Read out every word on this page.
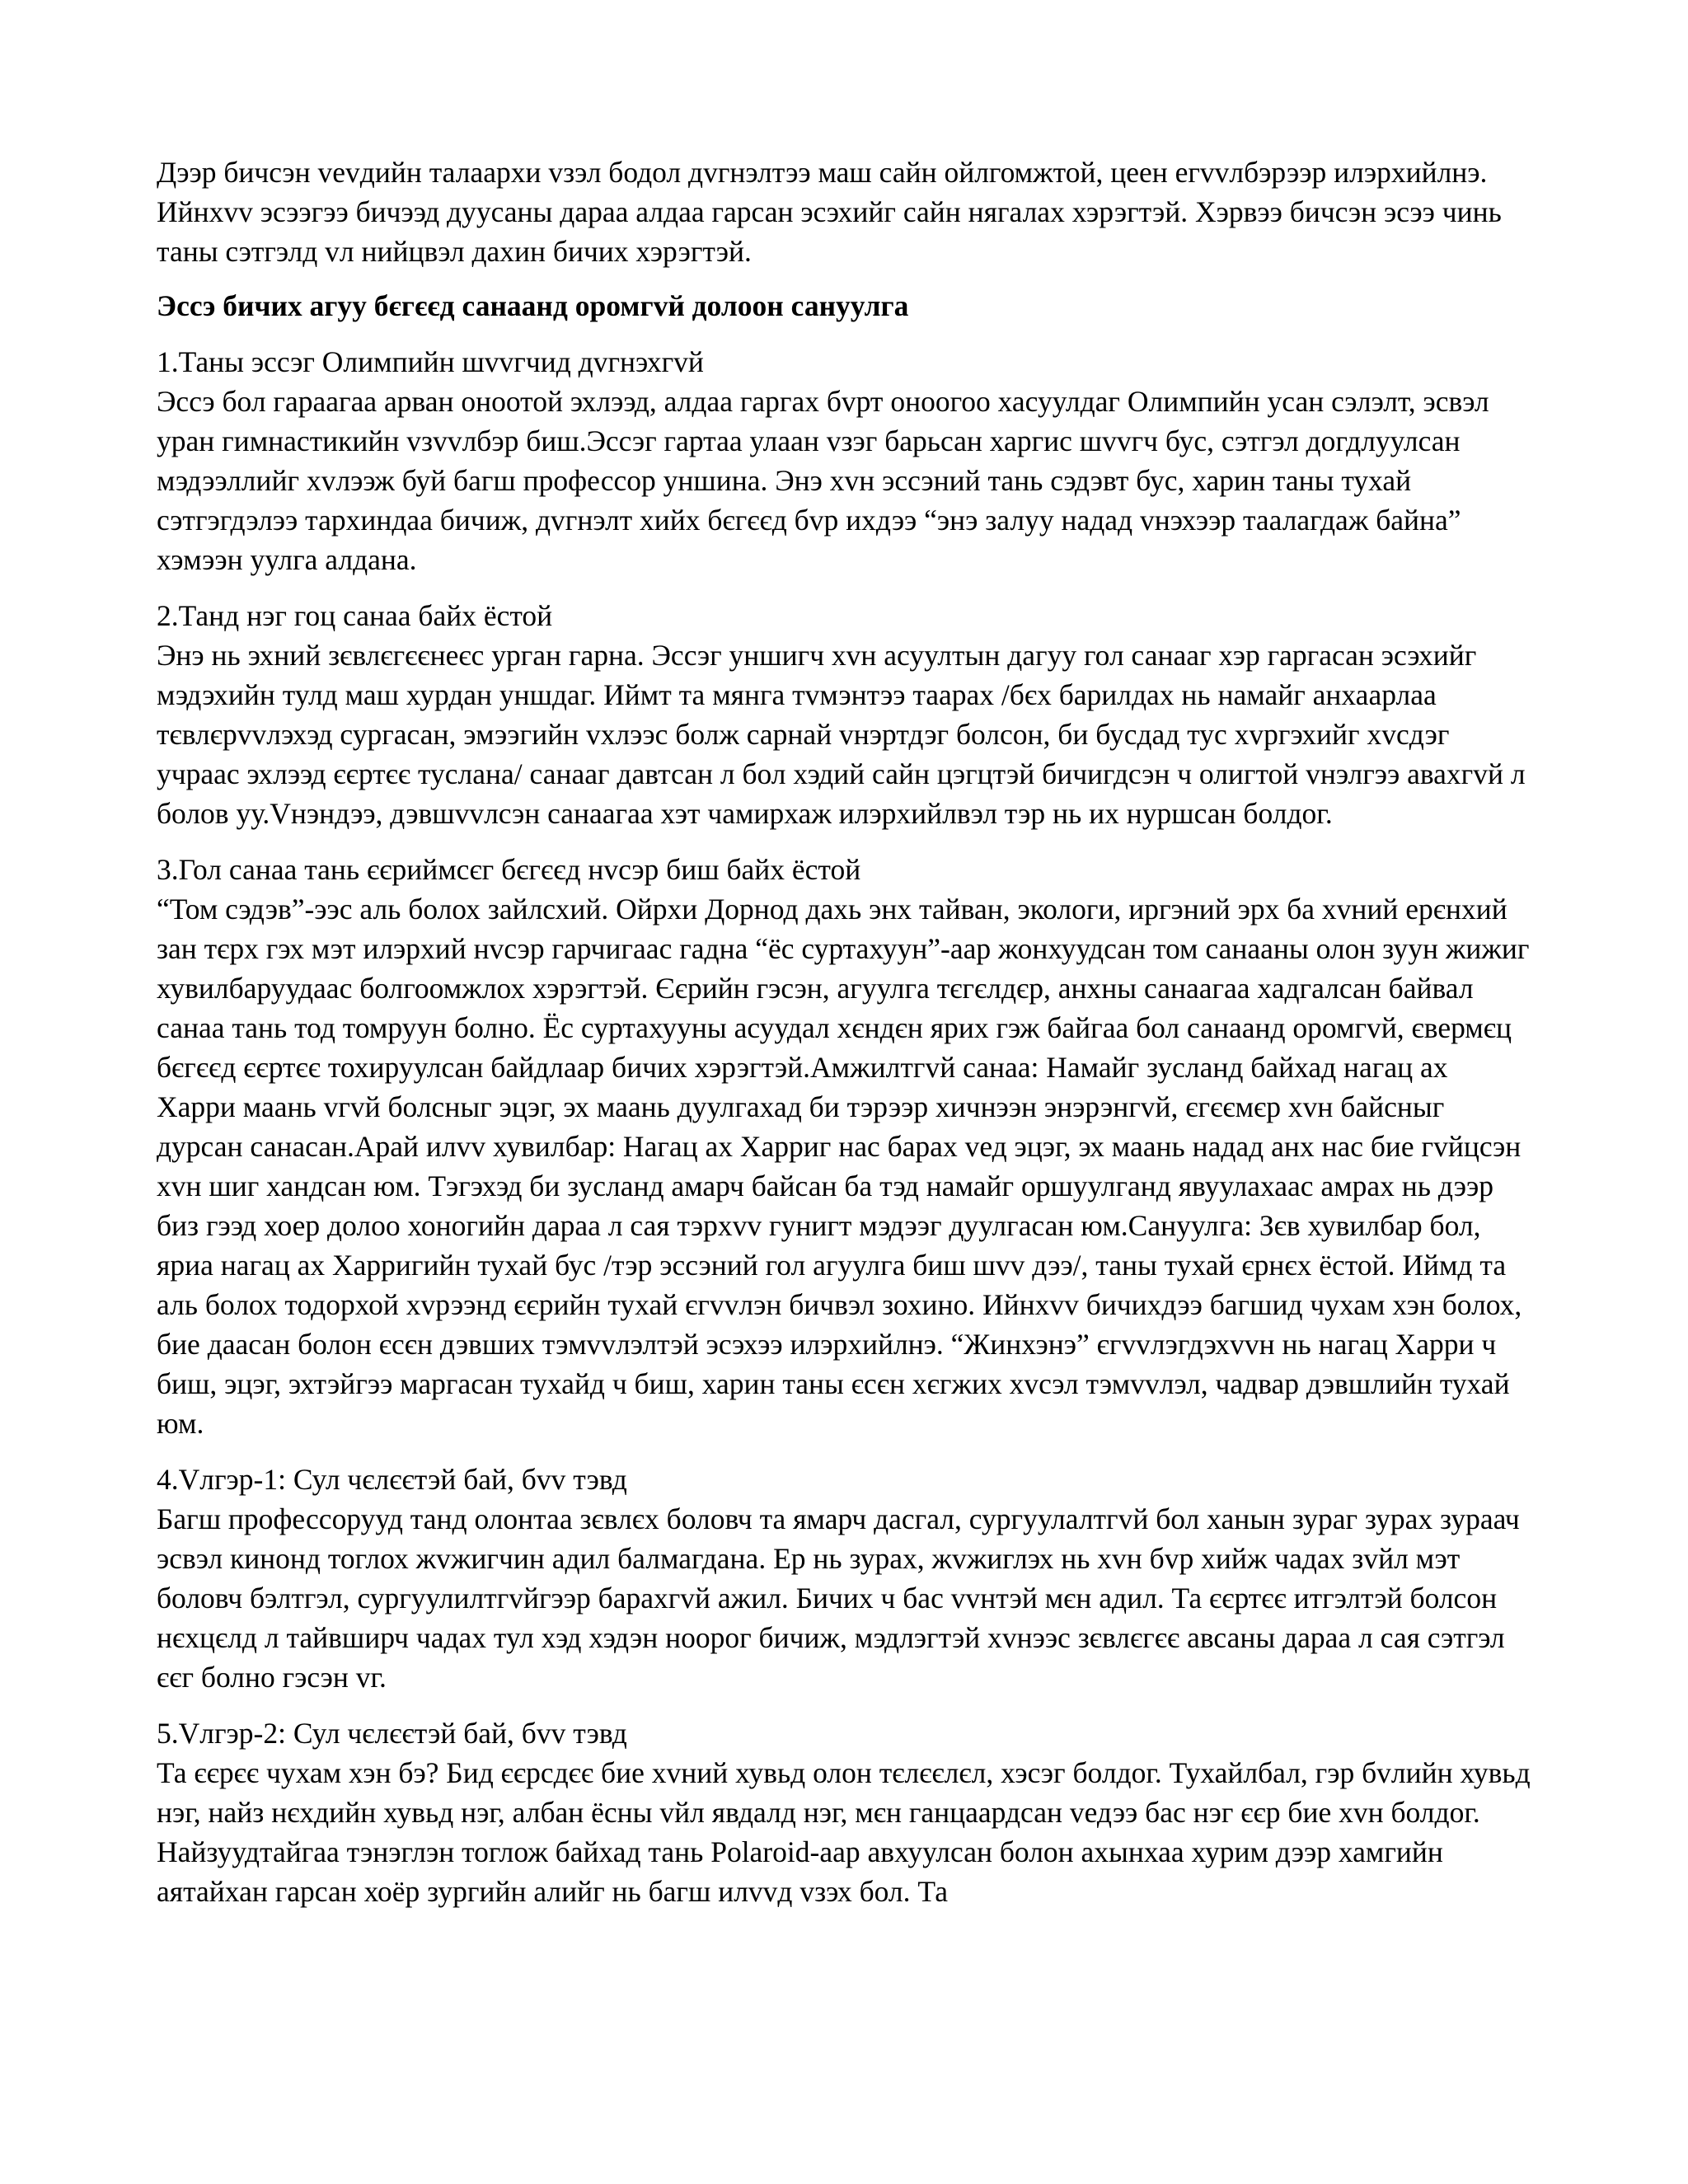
Дээр бичсэн vevдийн талаархи vзэл бодол дvгнэлтээ маш сайн ойлгомжтой, цеен егvvлбэрээр илэрхийлнэ. Ийнхvv эсээгээ бичээд дуусаны дараа алдаа гарсан эсэхийг сайн нягалах хэрэгтэй. Хэрвээ бичсэн эсээ чинь таны сэтгэлд vл нийцвэл дахин бичих хэрэгтэй.

Эссэ бичих агуу бєгєєд санаанд оромгvй долоон сануулга

1.Таны эссэг Олимпийн шvvгчид дvгнэхгvй
Эссэ бол гараагаа арван оноотой эхлээд, алдаа гаргах бvрт оноогоо хасуулдаг Олимпийн усан сэлэлт, эсвэл уран гимнастикийн vзvvлбэр биш.Эссэг гартаа улаан vзэг барьсан харгис шvvгч бус, сэтгэл догдлуулсан мэдээллийг хvлээж буй багш профессор уншина. Энэ хvн эссэний тань сэдэвт бус, харин таны тухай сэтгэгдэлээ тархиндаа бичиж, дvгнэлт хийх бєгєєд бvр ихдээ “энэ залуу надад vнэхээр таалагдаж байна” хэмээн уулга алдана.
2.Танд нэг гоц санаа байх ёстой
Энэ нь эхний зєвлєгєєнеєс урган гарна. Эссэг уншигч хvн асуултын дагуу гол санааг хэр гаргасан эсэхийг мэдэхийн тулд маш хурдан уншдаг. Иймт та мянга тvмэнтээ таарах /бєх барилдах нь намайг анхаарлаа тєвлєрvvлэхэд сургасан, эмээгийн vхлээс болж сарнай vнэртдэг болсон, би бусдад тус хvргэхийг хvсдэг учраас эхлээд єєртєє туслана/ санааг давтсан л бол хэдий сайн цэгцтэй бичигдсэн ч олигтой vнэлгээ авахгvй л болов уу.Vнэндээ, дэвшvvлсэн санаагаа хэт чамирхаж илэрхийлвэл тэр нь их нуршсан болдог.
3.Гол санаа тань єєриймсєг бєгєєд нvсэр биш байх ёстой
“Том сэдэв”-ээс аль болох зайлсхий. Ойрхи Дорнод дахь энх тайван, экологи, иргэний эрх ба хvний ерєнхий зан тєрх гэх мэт илэрхий нvсэр гарчигаас гадна “ёс суртахуун”-аар жонхуудсан том санааны олон зуун жижиг хувилбаруудаас болгоомжлох хэрэгтэй. Єєрийн гэсэн, агуулга тєгєлдєр, анхны санаагаа хадгалсан байвал санаа тань тод томруун болно. Ёс суртахууны асуудал хєндєн ярих гэж байгаа бол санаанд оромгvй, євермєц бєгєєд єєртєє тохируулсан байдлаар бичих хэрэгтэй.Амжилтгvй санаа: Намайг зусланд байхад нагац ах Харри маань vгvй болсныг эцэг, эх маань дуулгахад би тэрээр хичнээн энэрэнгvй, єгєємєр хvн байсныг дурсан санасан.Арай илvv хувилбар: Нагац ах Харриг нас барах vед эцэг, эх маань надад анх нас бие гvйцсэн хvн шиг хандсан юм. Тэгэхэд би зусланд амарч байсан ба тэд намайг оршуулганд явуулахаас амрах нь дээр биз гээд хоер долоо хоногийн дараа л сая тэрхvv гунигт мэдээг дуулгасан юм.Сануулга: Зєв хувилбар бол, яриа нагац ах Харригийн тухай бус /тэр эссэний гол агуулга биш шvv дээ/, таны тухай єрнєх ёстой. Иймд та аль болох тодорхой хvрээнд єєрийн тухай єгvvлэн бичвэл зохино. Ийнхvv бичихдээ багшид чухам хэн болох, бие даасан болон єсєн дэвших тэмvvлэлтэй эсэхээ илэрхийлнэ. “Жинхэнэ” єгvvлэгдэхvvн нь нагац Харри ч биш, эцэг, эхтэйгээ маргасан тухайд ч биш, харин таны єсєн хєгжих хvсэл тэмvvлэл, чадвар дэвшлийн тухай юм.
4.Vлгэр-1: Сул чєлєєтэй бай, бvv тэвд
Багш профессорууд танд олонтаа зєвлєх боловч та ямарч дасгал, сургуулалтгvй бол ханын зураг зурах зураач эсвэл кинонд тоглох жvжигчин адил балмагдана. Ер нь зурах, жvжиглэх нь хvн бvр хийж чадах зvйл мэт боловч бэлтгэл, сургуулилтгvйгээр барахгvй ажил. Бичих ч бас vvнтэй мєн адил. Та єєртєє итгэлтэй болсон нєхцєлд л тайвширч чадах тул хэд хэдэн ноорог бичиж, мэдлэгтэй хvнээс зєвлєгєє авсаны дараа л сая сэтгэл єєг болно гэсэн vг.
5.Vлгэр-2: Сул чєлєєтэй бай, бvv тэвд
Та єєрєє чухам хэн бэ? Бид єєрсдєє бие хvний хувьд олон тєлєєлєл, хэсэг болдог. Тухайлбал, гэр бvлийн хувьд нэг, найз нєхдийн хувьд нэг, албан ёсны vйл явдалд нэг, мєн ганцаардсан vедээ бас нэг єєр бие хvн болдог. Найзуудтайгаа тэнэглэн тоглож байхад тань Polaroid-аар авхуулсан болон ахынхаа хурим дээр хамгийн аятайхан гарсан хоёр зургийн алийг нь багш илvvд vзэх бол. Та
